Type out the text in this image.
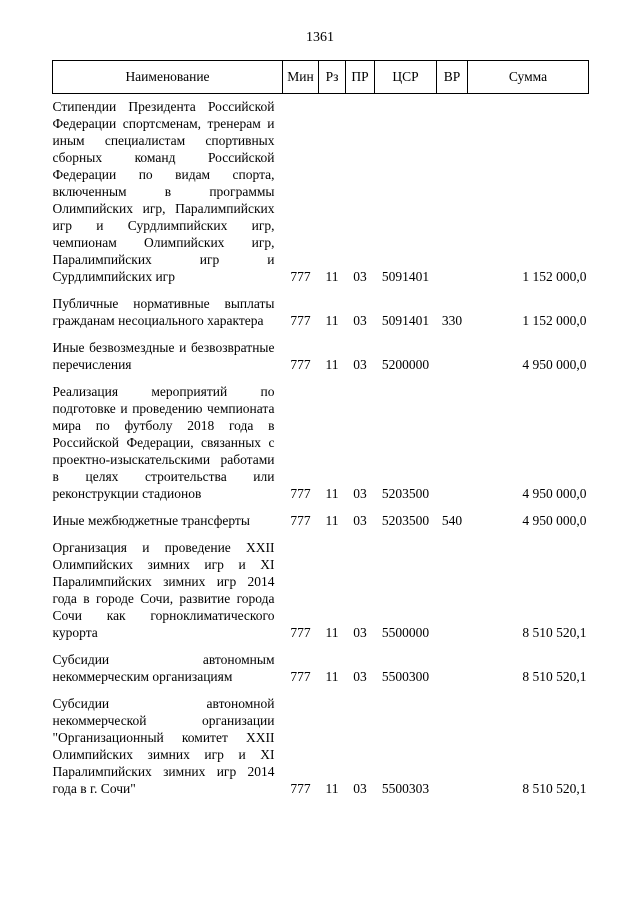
1361
Наименование	Мин	Рз	ПР	ЦСР	ВР	Сумма
Стипендии Президента Российской Федерации спортсменам, тренерам и иным специалистам спортивных сборных команд Российской Федерации по видам спорта, включенным в программы Олимпийских игр, Паралимпийских игр и Сурдлимпийских игр, чемпионам Олимпийских игр, Паралимпийских игр и Сурдлимпийских игр	777	11	03	5091401		1 152 000,0
Публичные нормативные выплаты гражданам несоциального характера	777	11	03	5091401	330	1 152 000,0
Иные безвозмездные и безвозвратные перечисления	777	11	03	5200000		4 950 000,0
Реализация мероприятий по подготовке и проведению чемпионата мира по футболу 2018 года в Российской Федерации, связанных с проектно-изыскательскими работами в целях строительства или реконструкции стадионов	777	11	03	5203500		4 950 000,0
Иные межбюджетные трансферты	777	11	03	5203500	540	4 950 000,0
Организация и проведение XXII Олимпийских зимних игр и XI Паралимпийских зимних игр 2014 года в городе Сочи, развитие города Сочи как горноклиматического курорта	777	11	03	5500000		8 510 520,1
Субсидии автономным некоммерческим организациям	777	11	03	5500300		8 510 520,1
Субсидии автономной некоммерческой организации "Организационный комитет XXII Олимпийских зимних игр и XI Паралимпийских зимних игр 2014 года в г. Сочи"	777	11	03	5500303		8 510 520,1
